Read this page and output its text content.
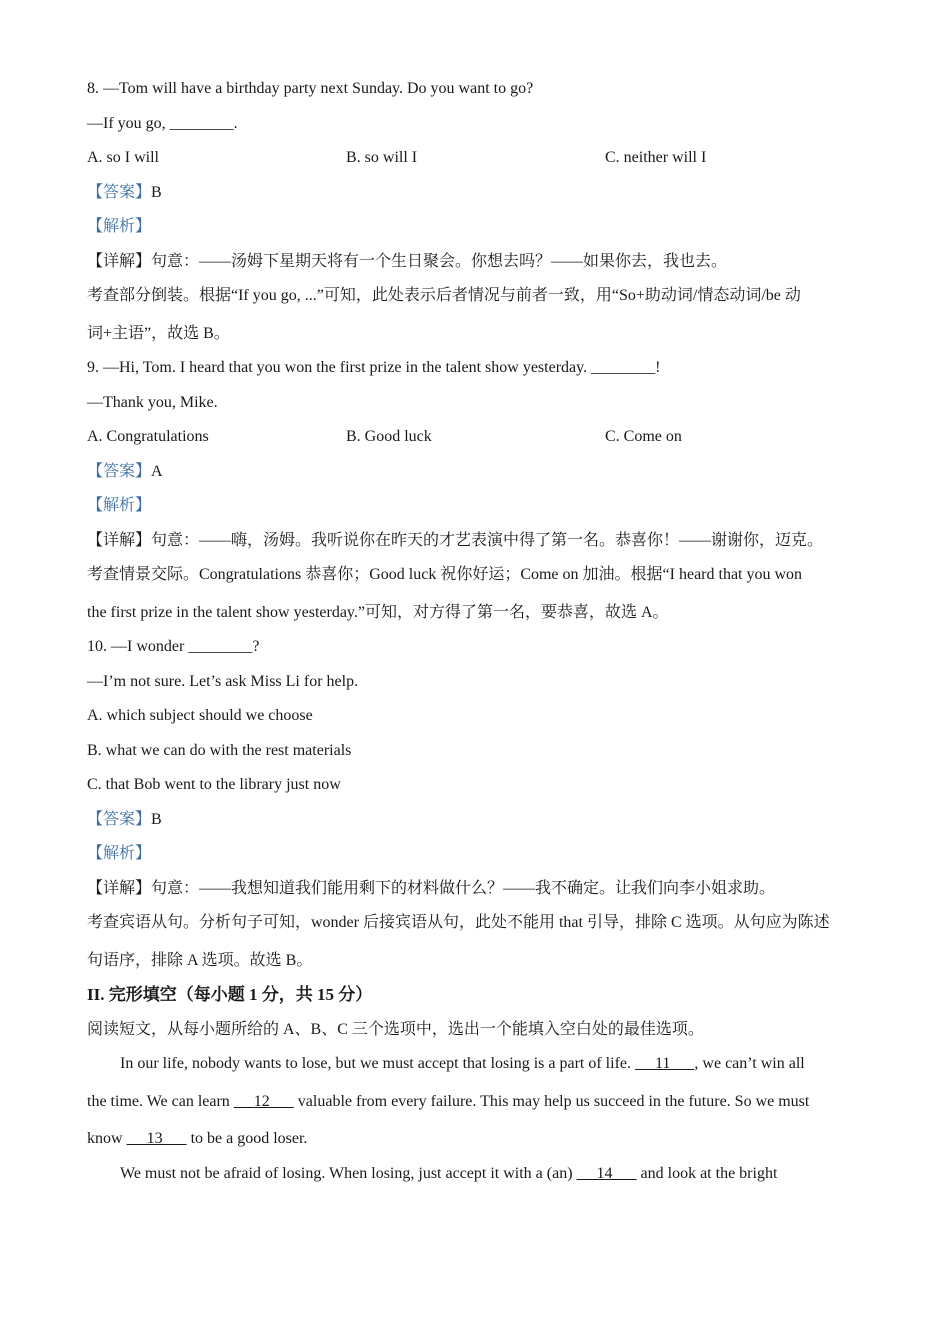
8. —Tom will have a birthday party next Sunday. Do you want to go?

—If you go, ________.

A. so I will	B. so will I	C. neither will I

【答案】B

【解析】

【详解】句意：——汤姆下星期天将有一个生日聚会。你想去吗？——如果你去，我也去。

考查部分倒装。根据“If you go, ...”可知，此处表示后者情况与前者一致，用“So+助动词/情态动词/be 动

词+主语”，故选 B。

9. —Hi, Tom. I heard that you won the first prize in the talent show yesterday. ________!

—Thank you, Mike.

A. Congratulations	B. Good luck	C. Come on

【答案】A

【解析】

【详解】句意：——嗨，汤姆。我听说你在昨天的才艺表演中得了第一名。恭喜你！——谢谢你，迈克。

考查情景交际。Congratulations 恭喜你；Good luck 祝你好运；Come on 加油。根据“I heard that you won

the first prize in the talent show yesterday.”可知，对方得了第一名，要恭喜，故选 A。

10. —I wonder ________?

—I’m not sure. Let’s ask Miss Li for help.

A. which subject should we choose

B. what we can do with the rest materials

C. that Bob went to the library just now

【答案】B

【解析】

【详解】句意：——我想知道我们能用剩下的材料做什么？——我不确定。让我们向李小姐求助。

考查宾语从句。分析句子可知，wonder 后接宾语从句，此处不能用 that 引导，排除 C 选项。从句应为陈述

句语序，排除 A 选项。故选 B。

II. 完形填空（每小题 1 分，共 15 分）

阅读短文，从每小题所给的 A、B、C 三个选项中，选出一个能填入空白处的最佳选项。

In our life, nobody wants to lose, but we must accept that losing is a part of life.      11      , we can’t win all

the time. We can learn      12       valuable from every failure. This may help us succeed in the future. So we must

know      13       to be a good loser.

We must not be afraid of losing. When losing, just accept it with a (an)      14       and look at the bright
